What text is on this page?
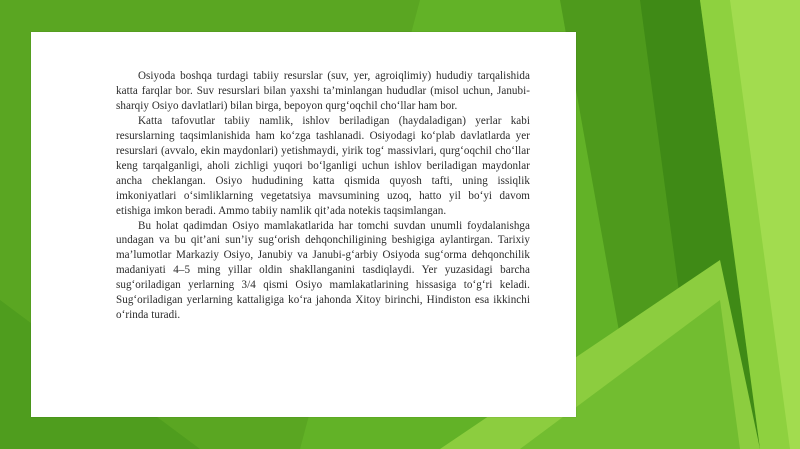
Osiyoda boshqa turdagi tabiiy resurslar (suv, yer, agroiqlimiy) hududiy tarqalishida katta farqlar bor. Suv resurslari bilan yaxshi ta’minlangan hududlar (misol uchun, Janubi-sharqiy Osiyo davlatlari) bilan birga, bepoyon qurg‘oqchil cho‘llar ham bor.

Katta tafovutlar tabiiy namlik, ishlov beriladigan (haydaladigan) yerlar kabi resurslarning taqsimlanishida ham ko‘zga tashlanadi. Osiyodagi ko‘plab davlatlarda yer resurslari (avvalo, ekin maydonlari) yetishmaydi, yirik tog‘ massivlari, qurg‘oqchil cho‘llar keng tarqalganligi, aholi zichligi yuqori bo‘lganligi uchun ishlov beriladigan maydonlar ancha cheklangan. Osiyo hududining katta qismida quyosh tafti, uning issiqlik imkoniyatlari o‘simliklarning vegetatsiya mavsumining uzoq, hatto yil bo‘yi davom etishiga imkon beradi. Ammo tabiiy namlik qit’ada notekis taqsimlangan.

Bu holat qadimdan Osiyo mamlakatlarida har tomchi suvdan unumli foydalanishga undagan va bu qit’ani sun’iy sug‘orish dehqonchiligining beshigiga aylantirgan. Tarixiy ma’lumotlar Markaziy Osiyo, Janubiy va Janubi-g‘arbiy Osiyoda sug‘orma dehqonchilik madaniyati 4–5 ming yillar oldin shakllanganini tasdiqlaydi. Yer yuzasidagi barcha sug‘oriladigan yerlarning 3/4 qismi Osiyo mamlakatlarining hissasiga to‘g‘ri keladi. Sug‘oriladigan yerlarning kattaligiga ko‘ra jahonda Xitoy birinchi, Hindiston esa ikkinchi o‘rinda turadi.
